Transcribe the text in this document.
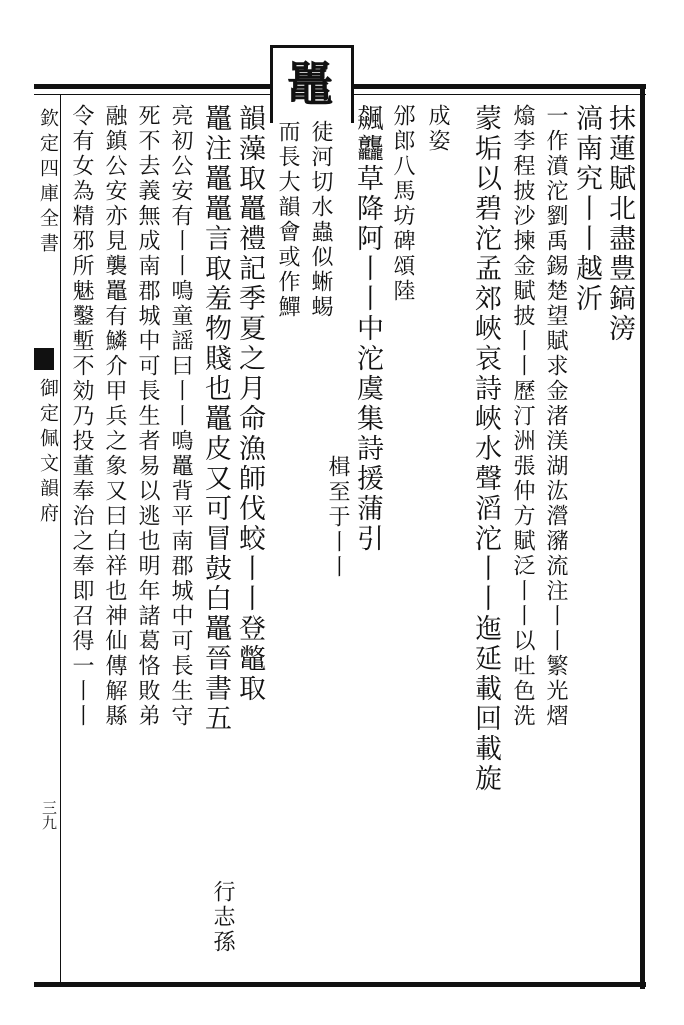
鼉
抹蓮賦北盡豊鎬滂
滈南究丨丨越沂
一作濆沱劉禹錫楚望賦求金渚渼湖汯瀯瀦流注丨丨繁光熠
熻李程披沙揀金賦披丨丨歷汀洲張仲方賦泛丨丨以吐色洗
蒙垢以碧沱孟郊峽哀詩峽水聲滔沱丨丨迤延載回載旋
成姿
邠郎八馬坊碑頌陸
飆龘草降阿丨丨中沱虞集詩援蒲引
楫至于丨丨
徒河切水蟲似蜥蜴
而長大韻會或作鱓
韻藻取鼉禮記季夏之月命漁師伐蛟丨丨登鼈取
鼉注鼉鼉言取羞物賤也鼉皮又可冒鼓白鼉晉書五
行志孫
亮初公安有丨丨鳴童謡曰丨丨鳴鼉背平南郡城中可長生守
死不去義無成南郡城中可長生者易以逃也明年諸葛恪敗弟
融鎮公安亦見襲鼉有鱗介甲兵之象又曰白祥也神仙傳解縣
令有女為精邪所魅鑿塹不効乃投董奉治之奉即召得一丨丨
欽定四庫全書
御定佩文韻府
三九
